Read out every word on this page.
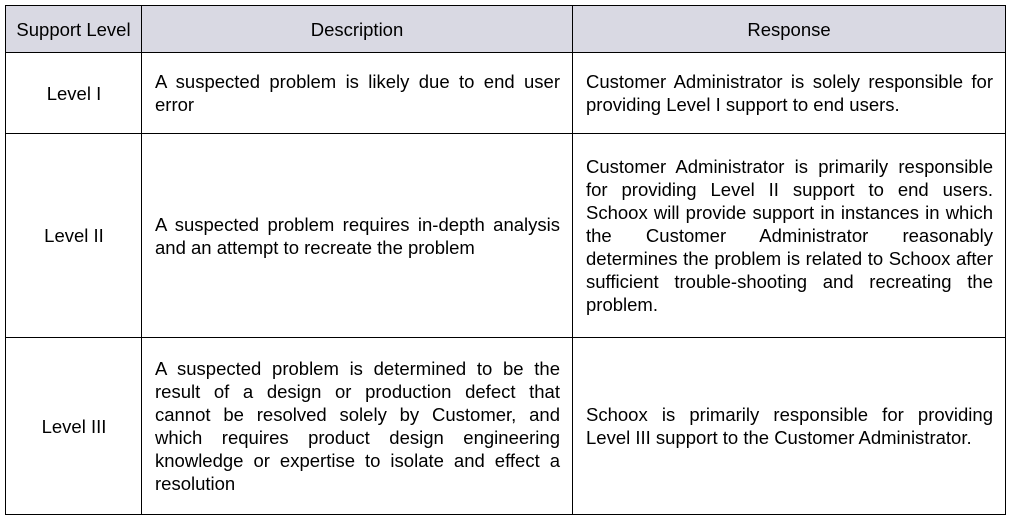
Support Level	Description	Response
Level I	A suspected problem is likely due to end user error	Customer Administrator is solely responsible for providing Level I support to end users.
Level II	A suspected problem requires in-depth analysis and an attempt to recreate the problem	Customer Administrator is primarily responsible for providing Level II support to end users. Schoox will provide support in instances in which the Customer Administrator reasonably determines the problem is related to Schoox after sufficient trouble-shooting and recreating the problem.
Level III	A suspected problem is determined to be the result of a design or production defect that cannot be resolved solely by Customer, and which requires product design engineering knowledge or expertise to isolate and effect a resolution	Schoox is primarily responsible for providing Level III support to the Customer Administrator.
